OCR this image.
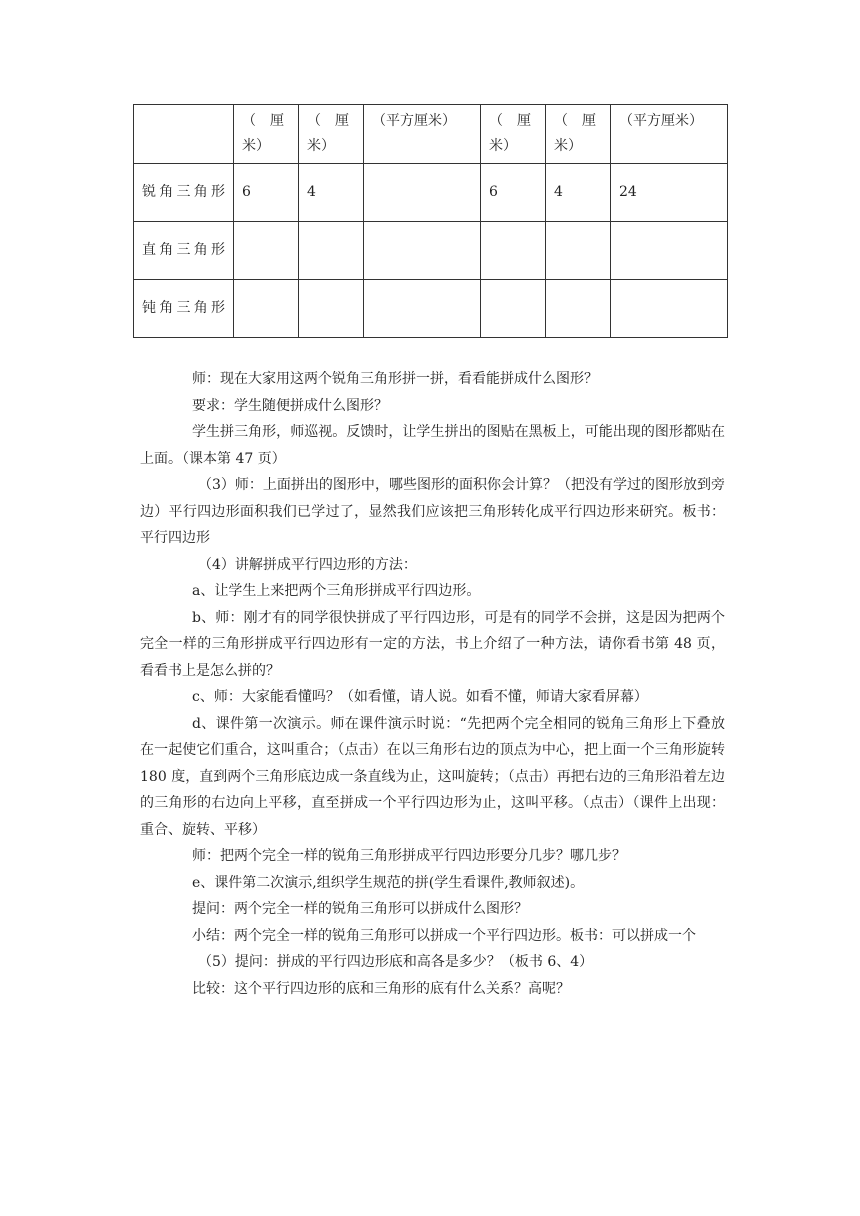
	（　厘米）	（　厘米）	（平方厘米）	（　厘米）	（　厘米）	（平方厘米）
锐角三角形	6	4		6	4	24
直角三角形						
钝角三角形						

师：现在大家用这两个锐角三角形拼一拼，看看能拼成什么图形？

要求：学生随便拼成什么图形？

学生拼三角形，师巡视。反馈时，让学生拼出的图贴在黑板上，可能出现的图形都贴在上面。（课本第 47 页）

（3）师：上面拼出的图形中，哪些图形的面积你会计算？（把没有学过的图形放到旁边）平行四边形面积我们已学过了，显然我们应该把三角形转化成平行四边形来研究。板书：平行四边形

（4）讲解拼成平行四边形的方法：

a、让学生上来把两个三角形拼成平行四边形。

b、师：刚才有的同学很快拼成了平行四边形，可是有的同学不会拼，这是因为把两个完全一样的三角形拼成平行四边形有一定的方法，书上介绍了一种方法，请你看书第 48 页，看看书上是怎么拼的？

c、师：大家能看懂吗？（如看懂，请人说。如看不懂，师请大家看屏幕）

d、课件第一次演示。师在课件演示时说：“先把两个完全相同的锐角三角形上下叠放在一起使它们重合，这叫重合；（点击）在以三角形右边的顶点为中心，把上面一个三角形旋转 180 度，直到两个三角形底边成一条直线为止，这叫旋转；（点击）再把右边的三角形沿着左边的三角形的右边向上平移，直至拼成一个平行四边形为止，这叫平移。（点击）（课件上出现：重合、旋转、平移）

师：把两个完全一样的锐角三角形拼成平行四边形要分几步？哪几步？

e、课件第二次演示,组织学生规范的拼(学生看课件,教师叙述)。

提问：两个完全一样的锐角三角形可以拼成什么图形？

小结：两个完全一样的锐角三角形可以拼成一个平行四边形。板书：可以拼成一个

（5）提问：拼成的平行四边形底和高各是多少？（板书 6、4）

比较：这个平行四边形的底和三角形的底有什么关系？高呢？
